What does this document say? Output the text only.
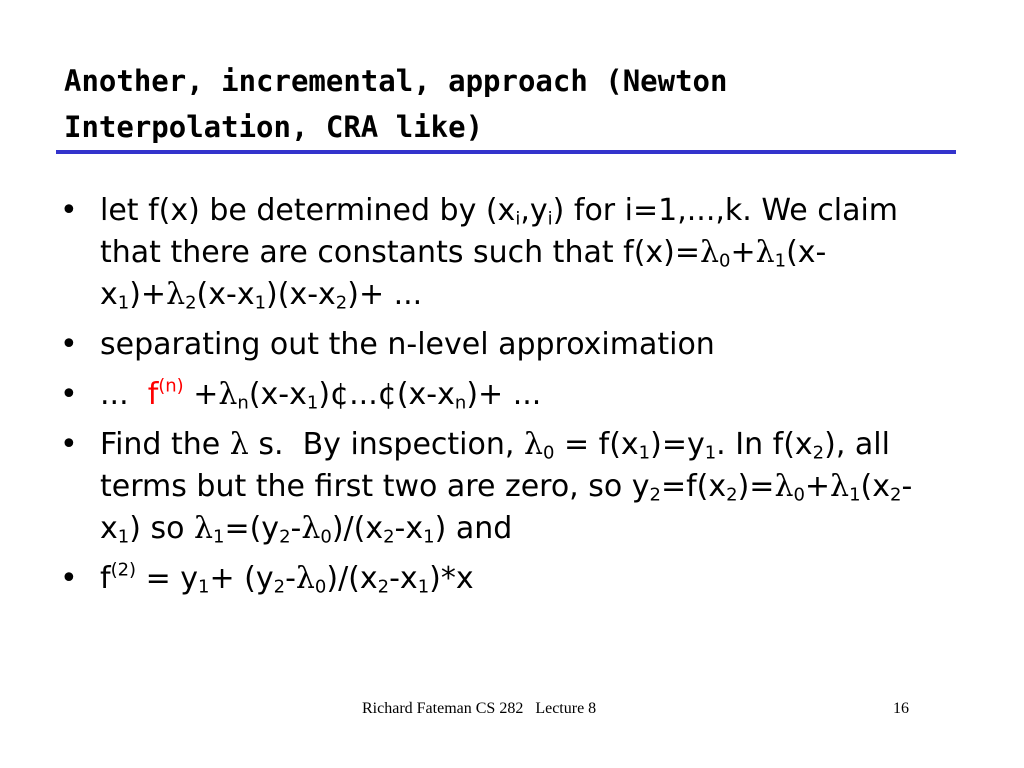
Another, incremental, approach (Newton
Interpolation, CRA like)
• let f(x) be determined by $(x_i,y_i)$ for i=1,...,k. We claim that there are constants such that $f(x)=\lambda_0+\lambda_1(x-x_1)+\lambda_2(x-x_1)(x-x_2)+$ ...
• separating out the n-level approximation
• ...  $f^{(n)}$ $+\lambda_n(x-x_1)¢...¢(x-x_n)+$ ...
• Find the λ s.  By inspection, $\lambda_0 = f(x_1)=y_1$. In $f(x_2)$, all terms but the first two are zero, so $y_2=f(x_2)=\lambda_0+\lambda_1(x_2-x_1)$ so $\lambda_1=(y_2-\lambda_0)/(x_2-x_1)$ and
• $f^{(2)} = y_1+ (y_2-\lambda_0)/(x_2-x_1)*x$
Richard Fateman CS 282   Lecture 8	16
